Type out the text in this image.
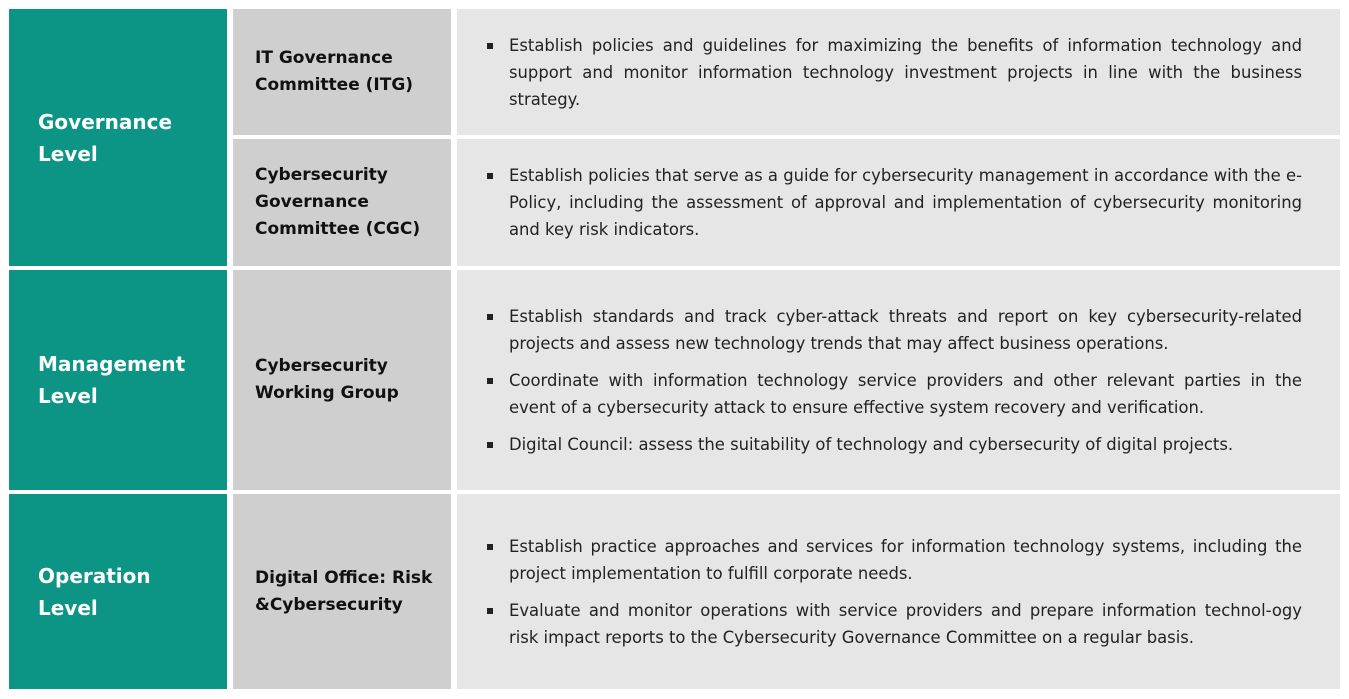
Governance
Level
Management
Level
Operation
Level
IT Governance
Committee (ITG)
Cybersecurity
Governance
Committee (CGC)
Cybersecurity
Working Group
Digital Office: Risk
&Cybersecurity
Establish policies and guidelines for maximizing the benefits of information technology and support and monitor information technology investment projects in line with the business strategy.
Establish policies that serve as a guide for cybersecurity management in accordance with the e-Policy, including the assessment of approval and implementation of cybersecurity monitoring and key risk indicators.
Establish standards and track cyber-attack threats and report on key cybersecurity-related projects and assess new technology trends that may affect business operations.
Coordinate with information technology service providers and other relevant parties in the event of a cybersecurity attack to ensure effective system recovery and verification.
Digital Council: assess the suitability of technology and cybersecurity of digital projects.
Establish practice approaches and services for information technology systems, including the project implementation to fulfill corporate needs.
Evaluate and monitor operations with service providers and prepare information technol-ogy risk impact reports to the Cybersecurity Governance Committee on a regular basis.
